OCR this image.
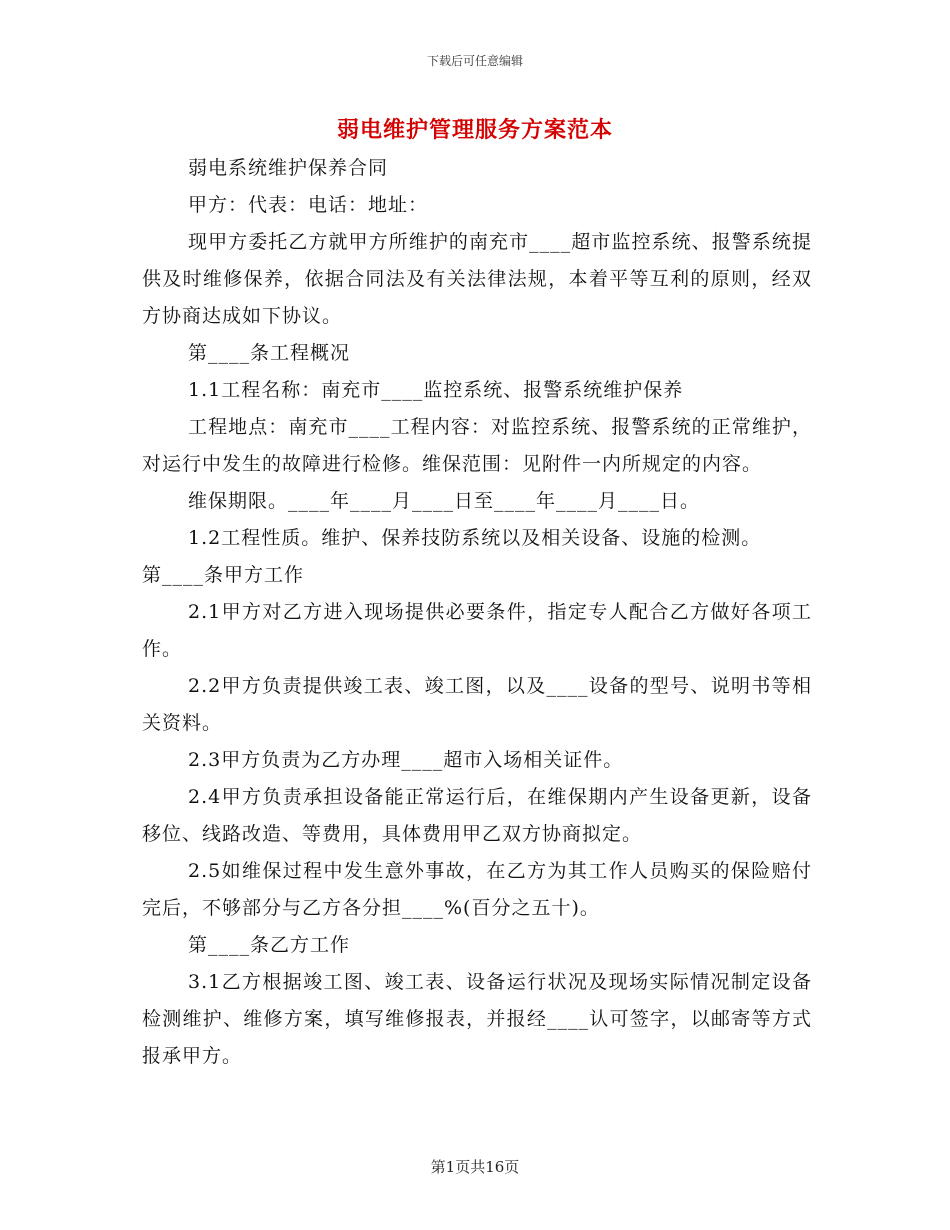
下载后可任意编辑
弱电维护管理服务方案范本

弱电系统维护保养合同

甲方：代表：电话：地址：

现甲方委托乙方就甲方所维护的南充市____超市监控系统、报警系统提供及时维修保养，依据合同法及有关法律法规，本着平等互利的原则，经双方协商达成如下协议。

第____条工程概况

1.1工程名称：南充市____监控系统、报警系统维护保养

工程地点：南充市____工程内容：对监控系统、报警系统的正常维护，对运行中发生的故障进行检修。维保范围：见附件一内所规定的内容。

维保期限。____年____月____日至____年____月____日。

1.2工程性质。维护、保养技防系统以及相关设备、设施的检测。

第____条甲方工作

2.1甲方对乙方进入现场提供必要条件，指定专人配合乙方做好各项工作。

2.2甲方负责提供竣工表、竣工图，以及____设备的型号、说明书等相关资料。

2.3甲方负责为乙方办理____超市入场相关证件。

2.4甲方负责承担设备能正常运行后，在维保期内产生设备更新，设备移位、线路改造、等费用，具体费用甲乙双方协商拟定。

2.5如维保过程中发生意外事故，在乙方为其工作人员购买的保险赔付完后，不够部分与乙方各分担____%(百分之五十)。

第____条乙方工作

3.1乙方根据竣工图、竣工表、设备运行状况及现场实际情况制定设备检测维护、维修方案，填写维修报表，并报经____认可签字，以邮寄等方式报承甲方。

第1页共16页
